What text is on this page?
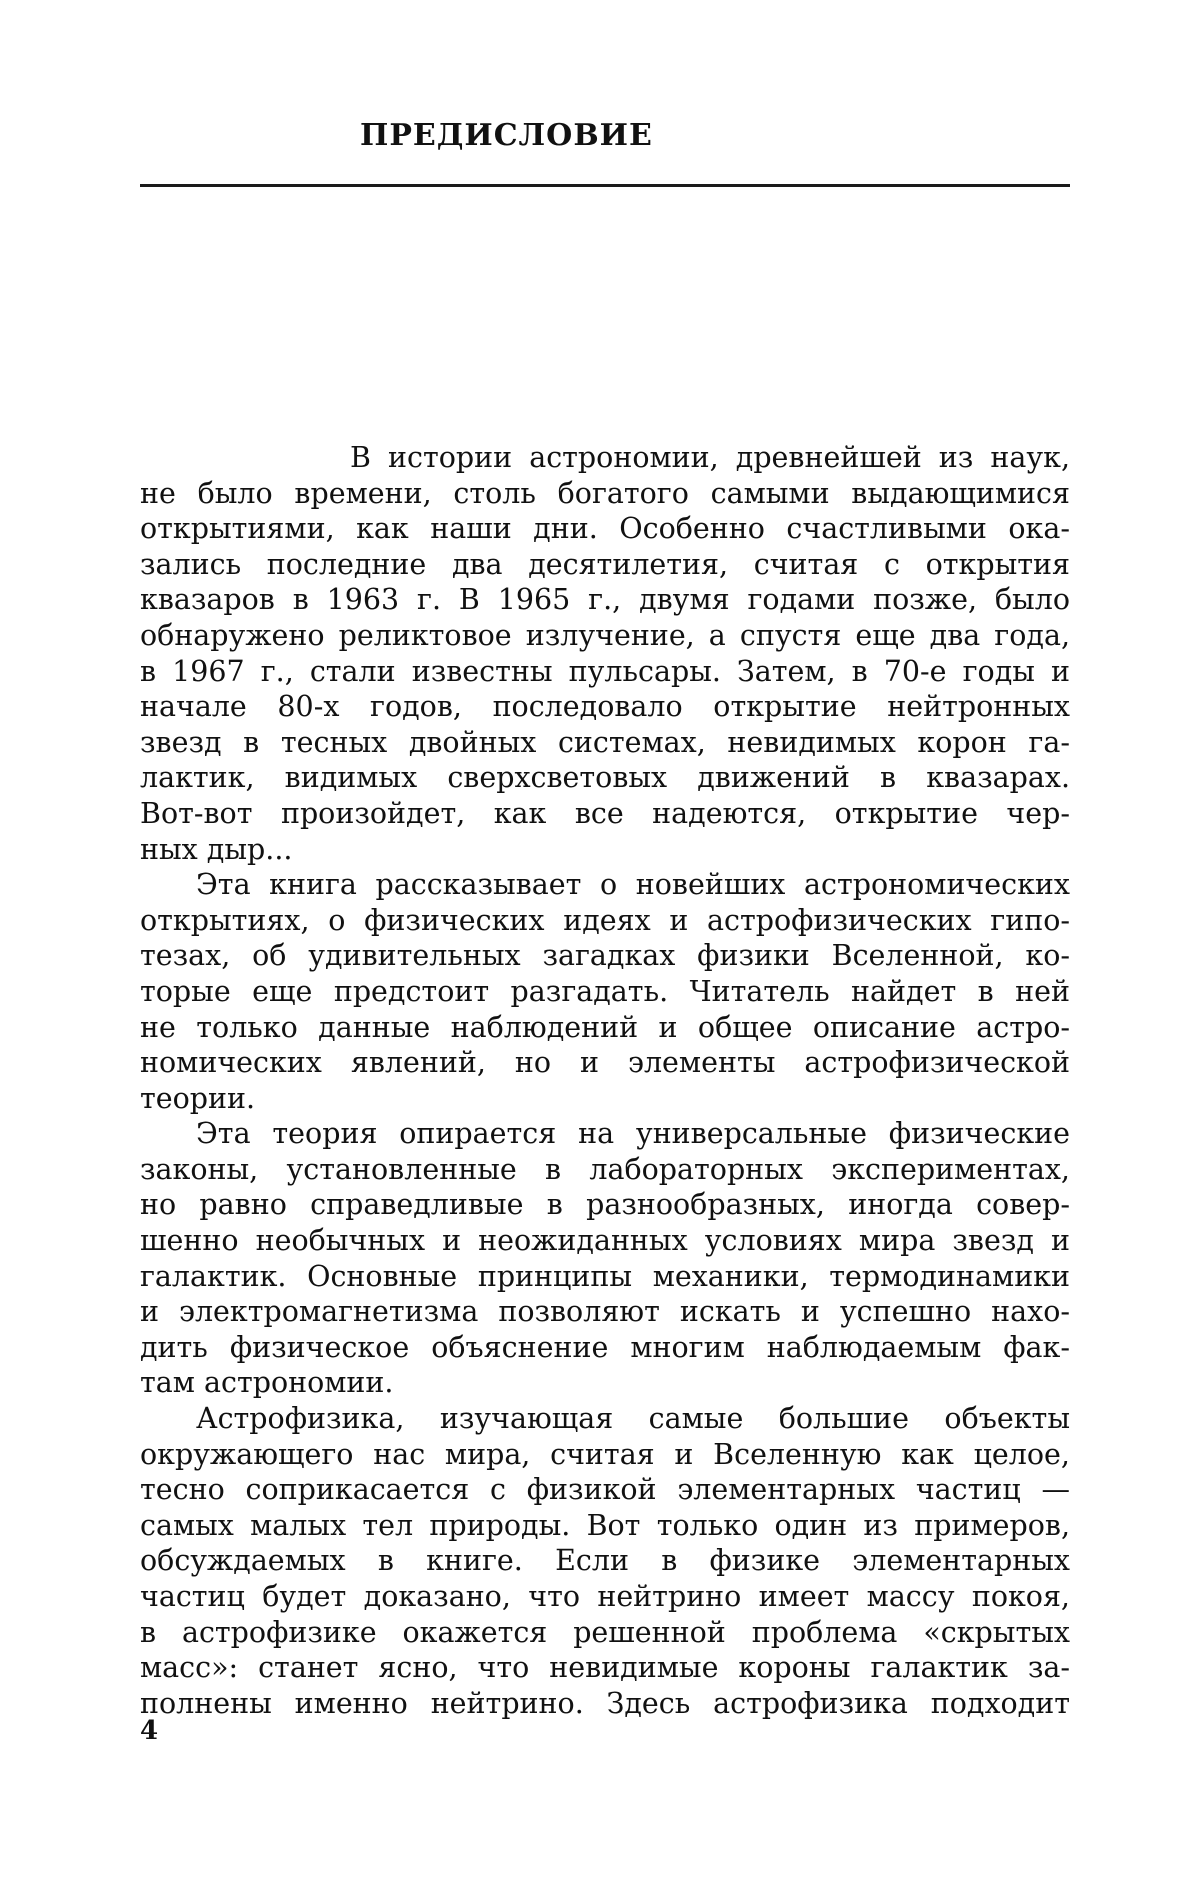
ПРЕДИСЛОВИЕ
В истории астрономии, древнейшей из наук,
не было времени, столь богатого самыми выдающимися
открытиями, как наши дни. Особенно счастливыми ока-
зались последние два десятилетия, считая с открытия
квазаров в 1963 г. В 1965 г., двумя годами позже, было
обнаружено реликтовое излучение, а спустя еще два года,
в 1967 г., стали известны пульсары. Затем, в 70-е годы и
начале 80-х годов, последовало открытие нейтронных
звезд в тесных двойных системах, невидимых корон га-
лактик, видимых сверхсветовых движений в квазарах.
Вот-вот произойдет, как все надеются, открытие чер-
ных дыр...
Эта книга рассказывает о новейших астрономических
открытиях, о физических идеях и астрофизических гипо-
тезах, об удивительных загадках физики Вселенной, ко-
торые еще предстоит разгадать. Читатель найдет в ней
не только данные наблюдений и общее описание астро-
номических явлений, но и элементы астрофизической
теории.
Эта теория опирается на универсальные физические
законы, установленные в лабораторных экспериментах,
но равно справедливые в разнообразных, иногда совер-
шенно необычных и неожиданных условиях мира звезд и
галактик. Основные принципы механики, термодинамики
и электромагнетизма позволяют искать и успешно нахо-
дить физическое объяснение многим наблюдаемым фак-
там астрономии.
Астрофизика, изучающая самые большие объекты
окружающего нас мира, считая и Вселенную как целое,
тесно соприкасается с физикой элементарных частиц —
самых малых тел природы. Вот только один из примеров,
обсуждаемых в книге. Если в физике элементарных
частиц будет доказано, что нейтрино имеет массу покоя,
в астрофизике окажется решенной проблема «скрытых
масс»: станет ясно, что невидимые короны галактик за-
полнены именно нейтрино. Здесь астрофизика подходит
4
